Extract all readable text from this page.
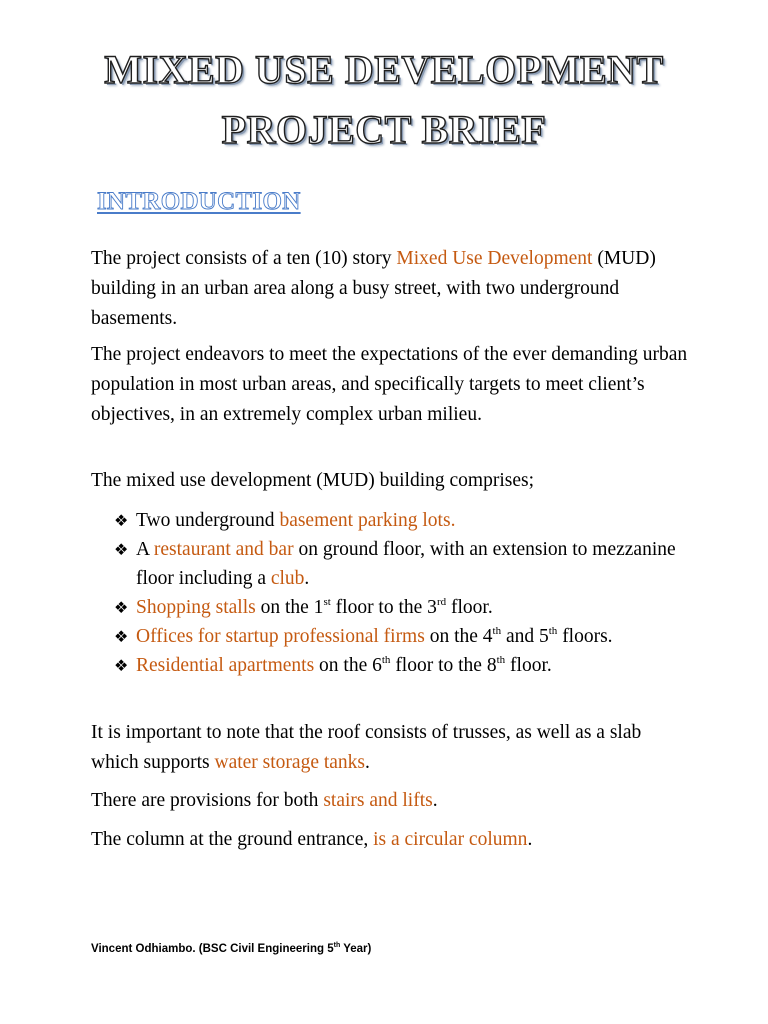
MIXED USE DEVELOPMENT
PROJECT BRIEF
INTRODUCTION

The project consists of a ten (10) story Mixed Use Development (MUD) building in an urban area along a busy street, with two underground basements.

The project endeavors to meet the expectations of the ever demanding urban population in most urban areas, and specifically targets to meet client’s objectives, in an extremely complex urban milieu.

The mixed use development (MUD) building comprises;

❖ Two underground basement parking lots.
❖ A restaurant and bar on ground floor, with an extension to mezzanine floor including a club.
❖ Shopping stalls on the 1st floor to the 3rd floor.
❖ Offices for startup professional firms on the 4th and 5th floors.
❖ Residential apartments on the 6th floor to the 8th floor.

It is important to note that the roof consists of trusses, as well as a slab which supports water storage tanks.

There are provisions for both stairs and lifts.

The column at the ground entrance, is a circular column.

Vincent Odhiambo. (BSC Civil Engineering 5th Year)
